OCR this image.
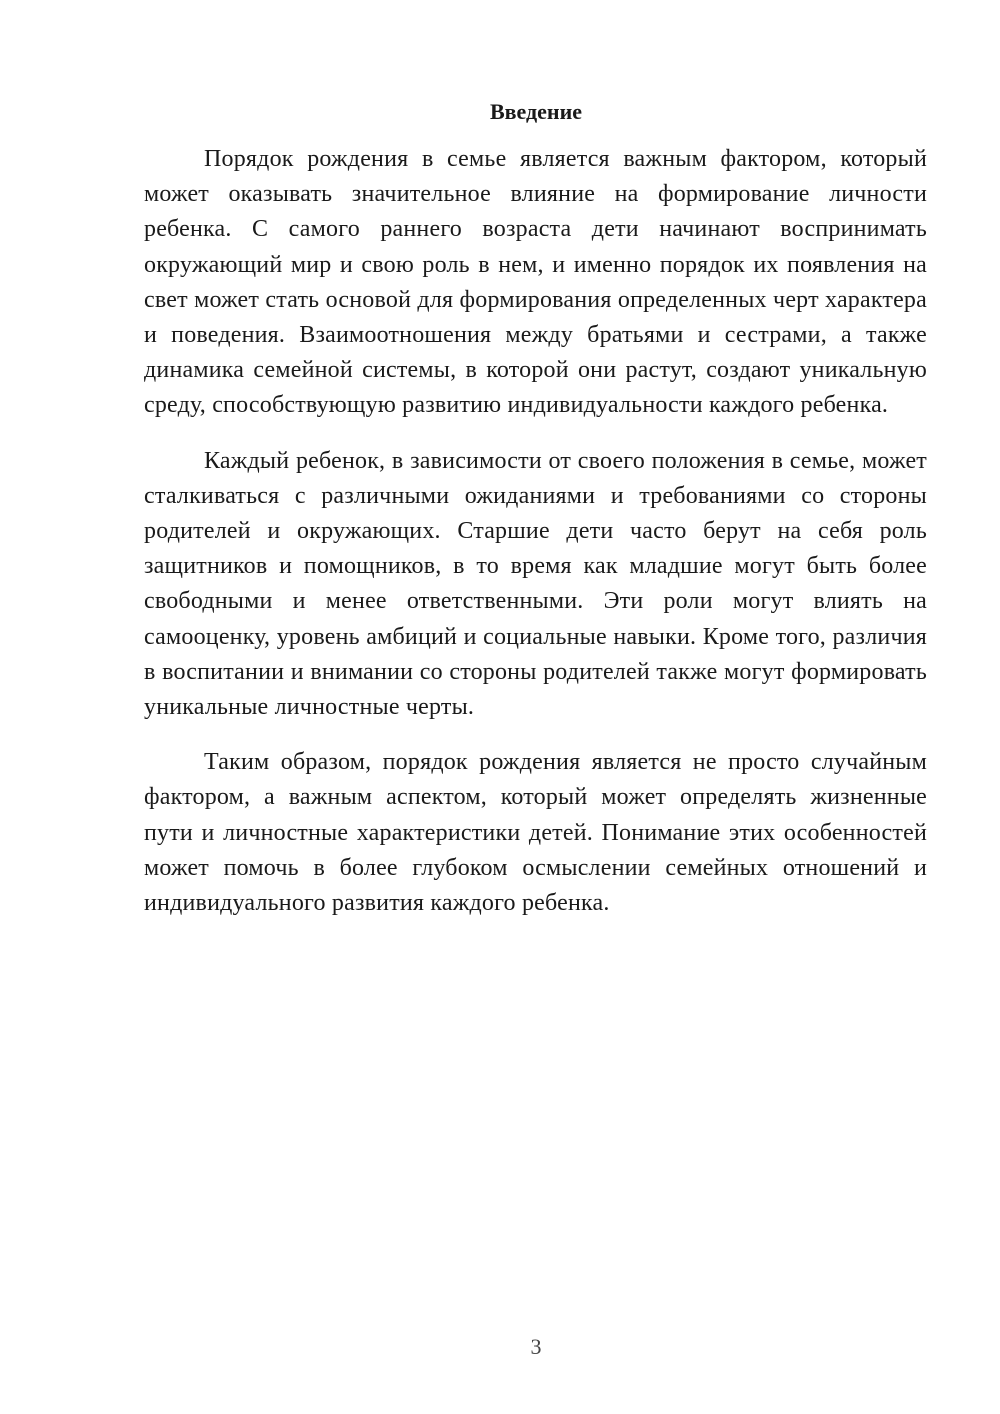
Введение

Порядок рождения в семье является важным фактором, который может оказывать значительное влияние на формирование личности ребенка. С самого раннего возраста дети начинают воспринимать окружающий мир и свою роль в нем, и именно порядок их появления на свет может стать основой для формирования определенных черт характера и поведения. Взаимоотношения между братьями и сестрами, а также динамика семейной системы, в которой они растут, создают уникальную среду, способствующую развитию индивидуальности каждого ребенка.

Каждый ребенок, в зависимости от своего положения в семье, может сталкиваться с различными ожиданиями и требованиями со стороны родителей и окружающих. Старшие дети часто берут на себя роль защитников и помощников, в то время как младшие могут быть более свободными и менее ответственными. Эти роли могут влиять на самооценку, уровень амбиций и социальные навыки. Кроме того, различия в воспитании и внимании со стороны родителей также могут формировать уникальные личностные черты.

Таким образом, порядок рождения является не просто случайным фактором, а важным аспектом, который может определять жизненные пути и личностные характеристики детей. Понимание этих особенностей может помочь в более глубоком осмыслении семейных отношений и индивидуального развития каждого ребенка.

3
